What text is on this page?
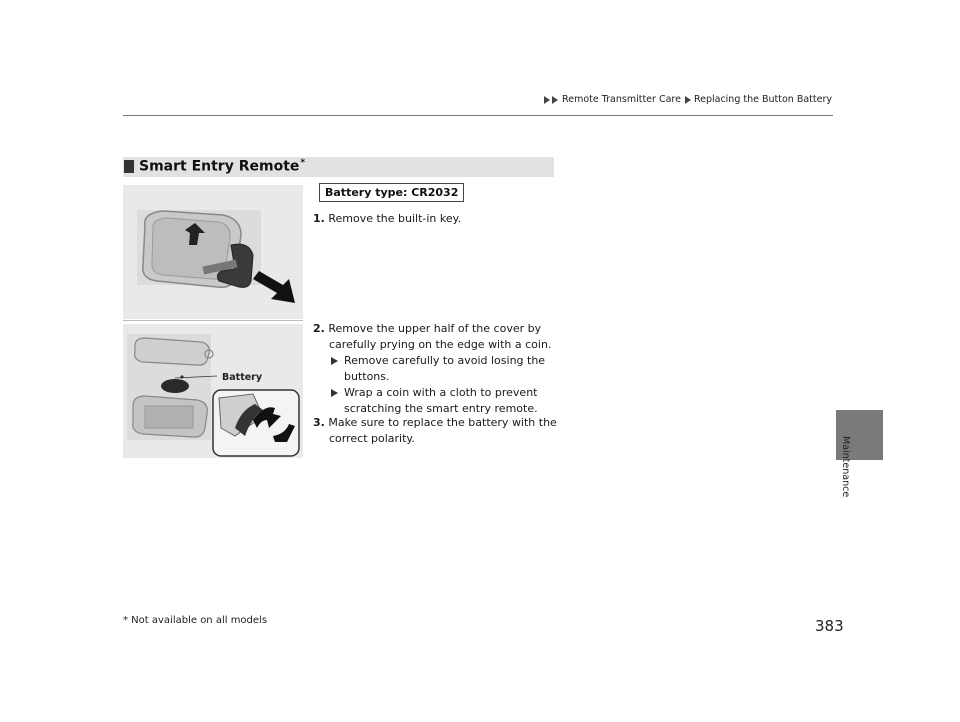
Remote Transmitter Care Replacing the Button Battery
Maintenance
Smart Entry Remote*
Battery
Battery type: CR2032
1. Remove the built-in key.
2. Remove the upper half of the cover by carefully prying on the edge with a coin.
Remove carefully to avoid losing the buttons.
Wrap a coin with a cloth to prevent scratching the smart entry remote.
3. Make sure to replace the battery with the correct polarity.
* Not available on all models	383
